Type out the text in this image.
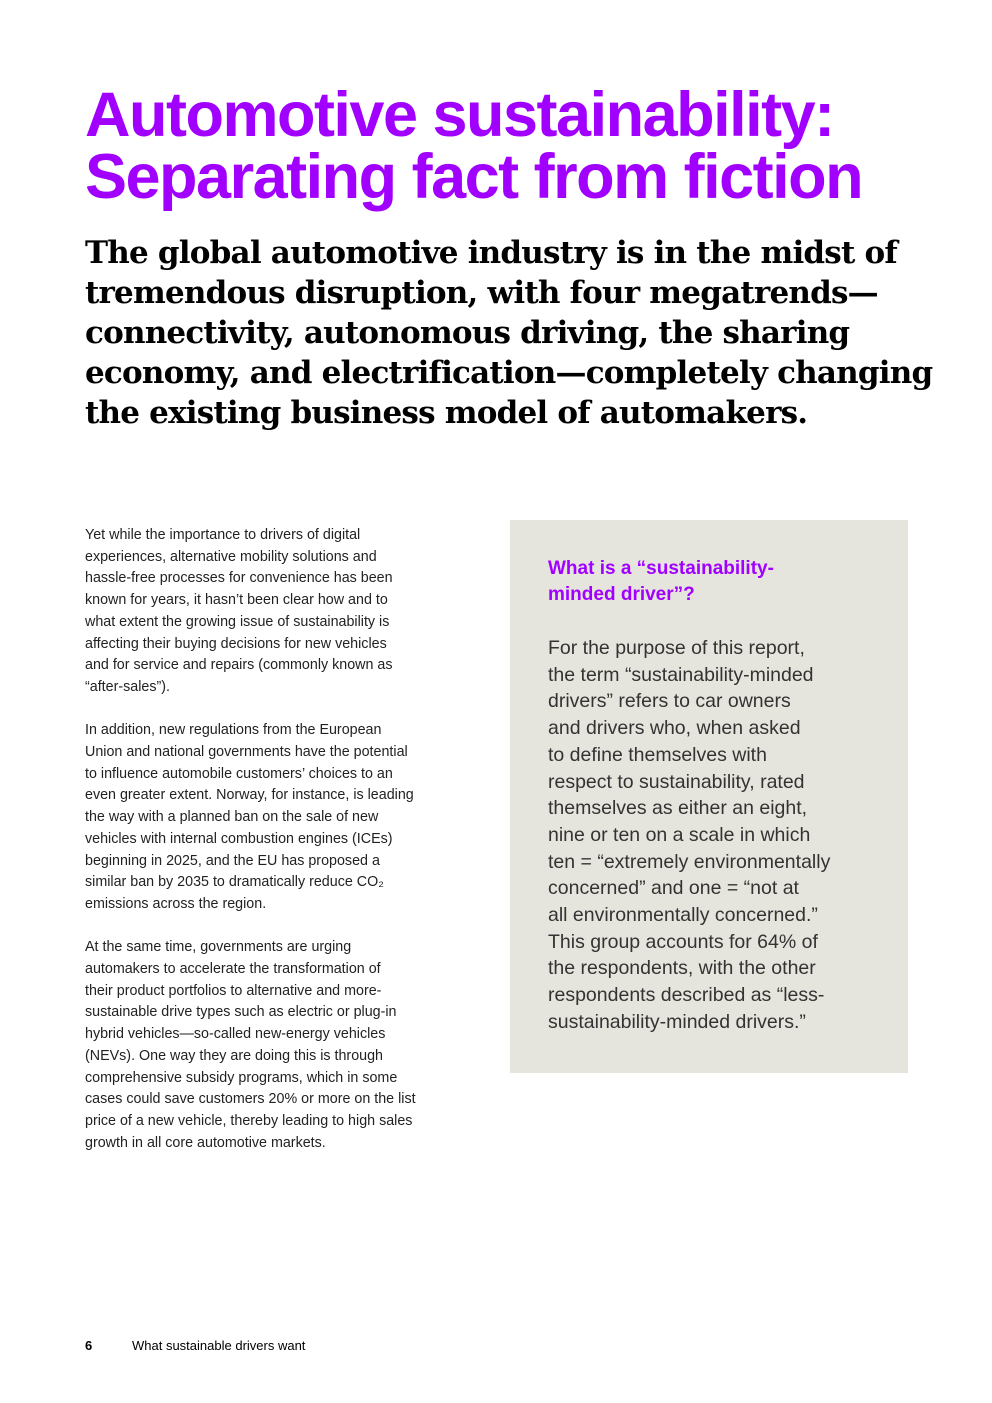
Automotive sustainability:
Separating fact from fiction
The global automotive industry is in the midst of
tremendous disruption, with four megatrends—
connectivity, autonomous driving, the sharing
economy, and electrification—completely changing
the existing business model of automakers.

Yet while the importance to drivers of digital
experiences, alternative mobility solutions and
hassle-free processes for convenience has been
known for years, it hasn’t been clear how and to
what extent the growing issue of sustainability is
affecting their buying decisions for new vehicles
and for service and repairs (commonly known as
“after-sales”).

In addition, new regulations from the European
Union and national governments have the potential
to influence automobile customers’ choices to an
even greater extent. Norway, for instance, is leading
the way with a planned ban on the sale of new
vehicles with internal combustion engines (ICEs)
beginning in 2025, and the EU has proposed a
similar ban by 2035 to dramatically reduce CO₂
emissions across the region.

At the same time, governments are urging
automakers to accelerate the transformation of
their product portfolios to alternative and more-
sustainable drive types such as electric or plug-in
hybrid vehicles—so-called new-energy vehicles
(NEVs). One way they are doing this is through
comprehensive subsidy programs, which in some
cases could save customers 20% or more on the list
price of a new vehicle, thereby leading to high sales
growth in all core automotive markets.

What is a “sustainability-
minded driver”?
For the purpose of this report,
the term “sustainability-minded
drivers” refers to car owners
and drivers who, when asked
to define themselves with
respect to sustainability, rated
themselves as either an eight,
nine or ten on a scale in which
ten = “extremely environmentally
concerned” and one = “not at
all environmentally concerned.”
This group accounts for 64% of
the respondents, with the other
respondents described as “less-
sustainability-minded drivers.”
6	What sustainable drivers want
